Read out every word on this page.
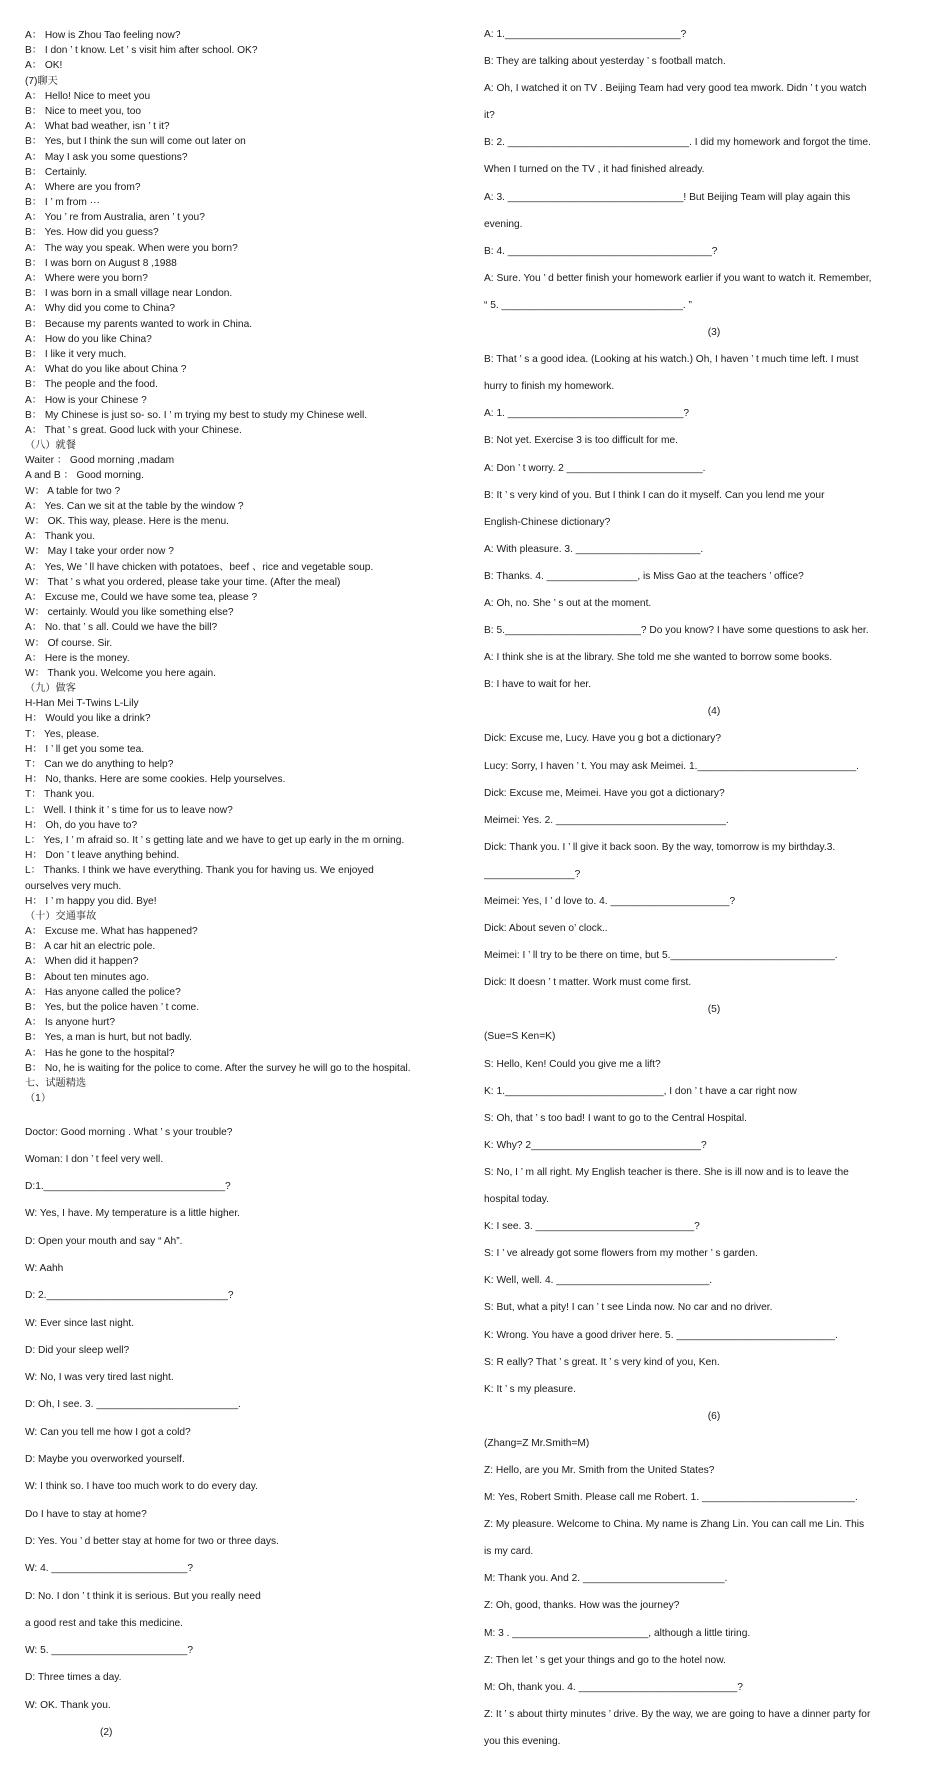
A： How is Zhou Tao feeling now?
B： I don ’ t know. Let ’ s visit him after school. OK?
A： OK!
(7)聊天
A： Hello! Nice to meet you
B： Nice to meet you, too
A： What bad weather, isn ’ t it?
B： Yes, but I think the sun will come out later on
A： May I ask you some questions?
B： Certainly.
A： Where are you from?
B： I ’ m from ···
A： You ’ re from Australia, aren ’ t you?
B： Yes. How did you guess?
A： The way you speak. When were you born?
B： I was born on August 8 ,1988
A： Where were you born?
B： I was born in a small village near London.
A： Why did you come to China?
B： Because my parents wanted to work in China.
A： How do you like China?
B： I like it very much.
A： What do you like about China ?
B： The people and the food.
A： How is your Chinese ?
B： My Chinese is just so- so. I ’ m trying my best to study my Chinese well.
A： That ’ s great. Good luck with your Chinese.
（八）就餐
Waiter ： Good morning ,madam
A and B ： Good morning.
W： A table for two ?
A： Yes. Can we sit at the table by the window ?
W： OK. This way, please. Here is the menu.
A： Thank you.
W： May I take your order now ?
A： Yes, We ’ ll have chicken with potatoes、beef 、rice and vegetable soup.
W： That ’ s what you ordered, please take your time. (After the meal)
A： Excuse me, Could we have some tea, please ?
W： certainly. Would you like something else?
A： No. that ’ s all. Could we have the bill?
W： Of course. Sir.
A： Here is the money.
W： Thank you. Welcome you here again.
（九）做客
H-Han Mei T-Twins L-Lily
H： Would you like a drink?
T： Yes, please.
H： I ’ ll get you some tea.
T： Can we do anything to help?
H： No, thanks. Here are some cookies. Help yourselves.
T： Thank you.
L： Well. I think it ’ s time for us to leave now?
H： Oh, do you have to?
L： Yes, I ’ m afraid so. It ’ s getting late and we have to get up early in the m orning.
H： Don ’ t leave anything behind.
L： Thanks. I think we have everything. Thank you for having us. We enjoyed
ourselves very much.
H： I ’ m happy you did. Bye!
（十）交通事故
A： Excuse me. What has happened?
B： A car hit an electric pole.
A： When did it happen?
B： About ten minutes ago.
A： Has anyone called the police?
B： Yes, but the police haven ’ t come.
A： Is anyone hurt?
B： Yes, a man is hurt, but not badly.
A： Has he gone to the hospital?
B： No, he is waiting for the police to come. After the survey he will go to the hospital.
七、试题精选
（1）
Doctor: Good morning . What ’ s your trouble?
Woman: I don ’ t feel very well.
D:1.________________________________?
W: Yes, I have. My temperature is a little higher.
D: Open your mouth and say “ Ah”.
W: Aahh
D: 2.________________________________?
W: Ever since last night.
D: Did your sleep well?
W: No, I was very tired last night.
D: Oh, I see. 3. _________________________.
W: Can you tell me how I got a cold?
D: Maybe you overworked yourself.
W: I think so. I have too much work to do every day.
Do I have to stay at home?
D: Yes. You ’ d better stay at home for two or three days.
W: 4. ________________________?
D: No. I don ’ t think it is serious. But you really need
a good rest and take this medicine.
W: 5. ________________________?
D: Three times a day.
W: OK. Thank you.
(2)
A: 1._______________________________?
B: They are talking about yesterday ’ s football match.
A: Oh, I watched it on TV . Beijing Team had very good tea mwork. Didn ’ t you watch
it?
B: 2. ________________________________. I did my homework and forgot the time.
When I turned on the TV , it had finished already.
A: 3. _______________________________! But Beijing Team will play again this
evening.
B: 4. ____________________________________?
A: Sure. You ’ d better finish your homework earlier if you want to watch it. Remember,
“ 5. ________________________________. ”
(3)
B: That ’ s a good idea. (Looking at his watch.) Oh, I haven ’ t much time left. I must
hurry to finish my homework.
A: 1. _______________________________?
B: Not yet. Exercise 3 is too difficult for me.
A: Don ’ t worry. 2 ________________________.
B: It ’ s very kind of you. But I think I can do it myself. Can you lend me your
English-Chinese dictionary?
A: With pleasure. 3. ______________________.
B: Thanks. 4. ________________, is Miss Gao at the teachers ’ office?
A: Oh, no. She ’ s out at the moment.
B: 5.________________________? Do you know? I have some questions to ask her.
A: I think she is at the library. She told me she wanted to borrow some books.
B: I have to wait for her.
(4)
Dick: Excuse me, Lucy. Have you g bot a dictionary?
Lucy: Sorry, I haven ’ t. You may ask Meimei. 1.____________________________.
Dick: Excuse me, Meimei. Have you got a dictionary?
Meimei: Yes. 2. ______________________________.
Dick: Thank you. I ’ ll give it back soon. By the way, tomorrow is my birthday.3.
________________?
Meimei: Yes, I ’ d love to. 4. _____________________?
Dick: About seven o’ clock..
Meimei: I ’ ll try to be there on time, but 5._____________________________.
Dick: It doesn ’ t matter. Work must come first.
(5)
(Sue=S Ken=K)
S: Hello, Ken! Could you give me a lift?
K: 1.____________________________, I don ’ t have a car right now
S: Oh, that ’ s too bad! I want to go to the Central Hospital.
K: Why? 2______________________________?
S: No, I ’ m all right. My English teacher is there. She is ill now and is to leave the
hospital today.
K: I see. 3. ____________________________?
S: I ’ ve already got some flowers from my mother ’ s garden.
K: Well, well. 4. ___________________________.
S: But, what a pity! I can ’ t see Linda now. No car and no driver.
K: Wrong. You have a good driver here. 5. ____________________________.
S: R eally? That ’ s great. It ’ s very kind of you, Ken.
K: It ’ s my pleasure.
(6)
(Zhang=Z Mr.Smith=M)
Z: Hello, are you Mr. Smith from the United States?
M: Yes, Robert Smith. Please call me Robert. 1. ___________________________.
Z: My pleasure. Welcome to China. My name is Zhang Lin. You can call me Lin. This
is my card.
M: Thank you. And 2. _________________________.
Z: Oh, good, thanks. How was the journey?
M: 3 . ________________________, although a little tiring.
Z: Then let ’ s get your things and go to the hotel now.
M: Oh, thank you. 4. ____________________________?
Z: It ’ s about thirty minutes ’ drive. By the way, we are going to have a dinner party for
you this evening.
